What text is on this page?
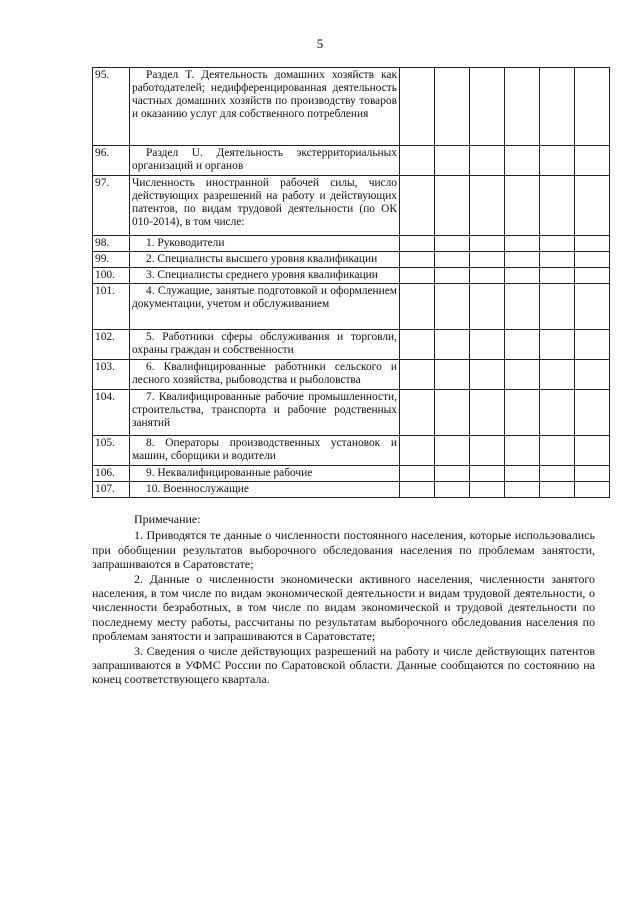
5
95.	Раздел T. Деятельность домашних хозяйств как работодателей; недифференцированная деятельность частных домашних хозяйств по производству товаров и оказанию услуг для собственного потребления						
96.	Раздел U. Деятельность экстерриториальных организаций и органов						
97.	Численность иностранной рабочей силы, число действующих разрешений на работу и действующих патентов, по видам трудовой деятельности (по ОК 010-2014), в том числе:						
98.	1. Руководители						
99.	2. Специалисты высшего уровня квалификации						
100.	3. Специалисты среднего уровня квалификации						
101.	4. Служащие, занятые подготовкой и оформлением документации, учетом и обслуживанием						
102.	5. Работники сферы обслуживания и торговли, охраны граждан и собственности						
103.	6. Квалифицированные работники сельского и лесного хозяйства, рыбоводства и рыболовства						
104.	7. Квалифицированные рабочие промышленности, строительства, транспорта и рабочие родственных занятий						
105.	8. Операторы производственных установок и машин, сборщики и водители						
106.	9. Неквалифицированные рабочие						
107.	10. Военнослужащие						

Примечание:

1. Приводятся те данные о численности постоянного населения, которые использовались при обобщении результатов выборочного обследования населения по проблемам занятости, запрашиваются в Саратовстате;

2. Данные о численности экономически активного населения, численности занятого населения, в том числе по видам экономической деятельности и видам трудовой деятельности, о численности безработных, в том числе по видам экономической и трудовой деятельности по последнему месту работы, рассчитаны по результатам выборочного обследования населения по проблемам занятости и запрашиваются в Саратовстате;

3. Сведения о числе действующих разрешений на работу и числе действующих патентов запрашиваются в УФМС России по Саратовской области. Данные сообщаются по состоянию на конец соответствующего квартала.
